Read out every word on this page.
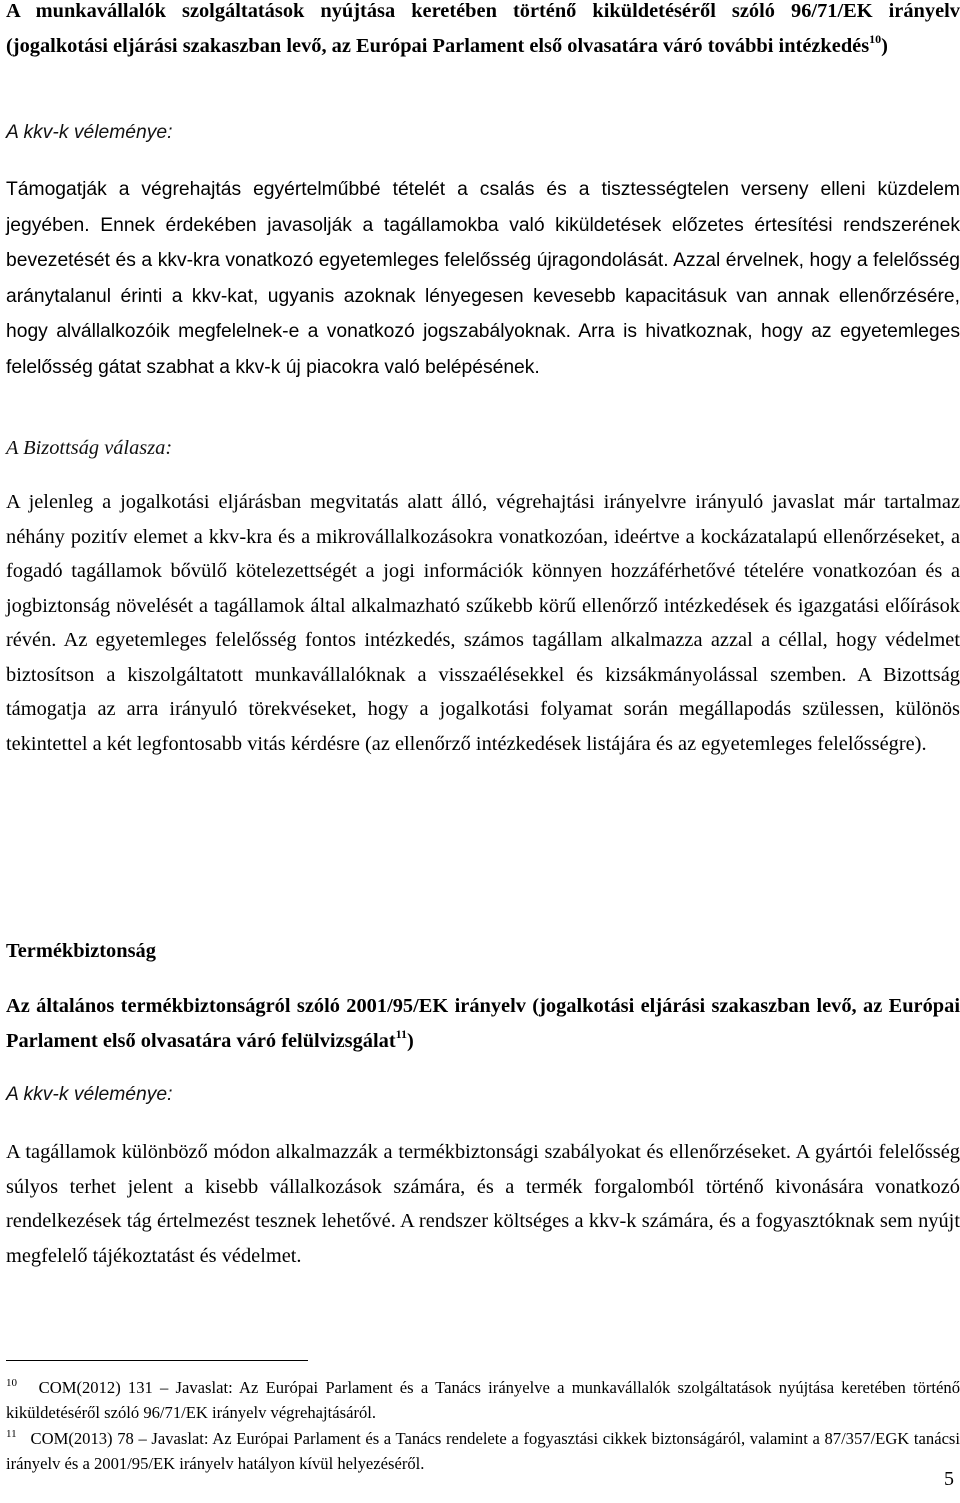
A munkavállalók szolgáltatások nyújtása keretében történő kiküldetéséről szóló 96/71/EK irányelv (jogalkotási eljárási szakaszban levő, az Európai Parlament első olvasatára váró további intézkedés$^{10}$)
A kkv-k véleménye:
Támogatják a végrehajtás egyértelműbbé tételét a csalás és a tisztességtelen verseny elleni küzdelem jegyében. Ennek érdekében javasolják a tagállamokba való kiküldetések előzetes értesítési rendszerének bevezetését és a kkv-kra vonatkozó egyetemleges felelősség újragondolását. Azzal érvelnek, hogy a felelősség aránytalanul érinti a kkv-kat, ugyanis azoknak lényegesen kevesebb kapacitásuk van annak ellenőrzésére, hogy alvállalkozóik megfelelnek-e a vonatkozó jogszabályoknak. Arra is hivatkoznak, hogy az egyetemleges felelősség gátat szabhat a kkv-k új piacokra való belépésének.
A Bizottság válasza:
A jelenleg a jogalkotási eljárásban megvitatás alatt álló, végrehajtási irányelvre irányuló javaslat már tartalmaz néhány pozitív elemet a kkv-kra és a mikrovállalkozásokra vonatkozóan, ideértve a kockázatalapú ellenőrzéseket, a fogadó tagállamok bővülő kötelezettségét a jogi információk könnyen hozzáférhetővé tételére vonatkozóan és a jogbiztonság növelését a tagállamok által alkalmazható szűkebb körű ellenőrző intézkedések és igazgatási előírások révén. Az egyetemleges felelősség fontos intézkedés, számos tagállam alkalmazza azzal a céllal, hogy védelmet biztosítson a kiszolgáltatott munkavállalóknak a visszaélésekkel és kizsákmányolással szemben. A Bizottság támogatja az arra irányuló törekvéseket, hogy a jogalkotási folyamat során megállapodás szülessen, különös tekintettel a két legfontosabb vitás kérdésre (az ellenőrző intézkedések listájára és az egyetemleges felelősségre).
Termékbiztonság
Az általános termékbiztonságról szóló 2001/95/EK irányelv (jogalkotási eljárási szakaszban levő, az Európai Parlament első olvasatára váró felülvizsgálat$^{11}$)
A kkv-k véleménye:
A tagállamok különböző módon alkalmazzák a termékbiztonsági szabályokat és ellenőrzéseket. A gyártói felelősség súlyos terhet jelent a kisebb vállalkozások számára, és a termék forgalomból történő kivonására vonatkozó rendelkezések tág értelmezést tesznek lehetővé. A rendszer költséges a kkv-k számára, és a fogyasztóknak sem nyújt megfelelő tájékoztatást és védelmet.
$^{10}$ COM(2012) 131 – Javaslat: Az Európai Parlament és a Tanács irányelve a munkavállalók szolgáltatások nyújtása keretében történő kiküldetéséről szóló 96/71/EK irányelv végrehajtásáról.
$^{11}$ COM(2013) 78 – Javaslat: Az Európai Parlament és a Tanács rendelete a fogyasztási cikkek biztonságáról, valamint a 87/357/EGK tanácsi irányelv és a 2001/95/EK irányelv hatályon kívül helyezéséről.
5
